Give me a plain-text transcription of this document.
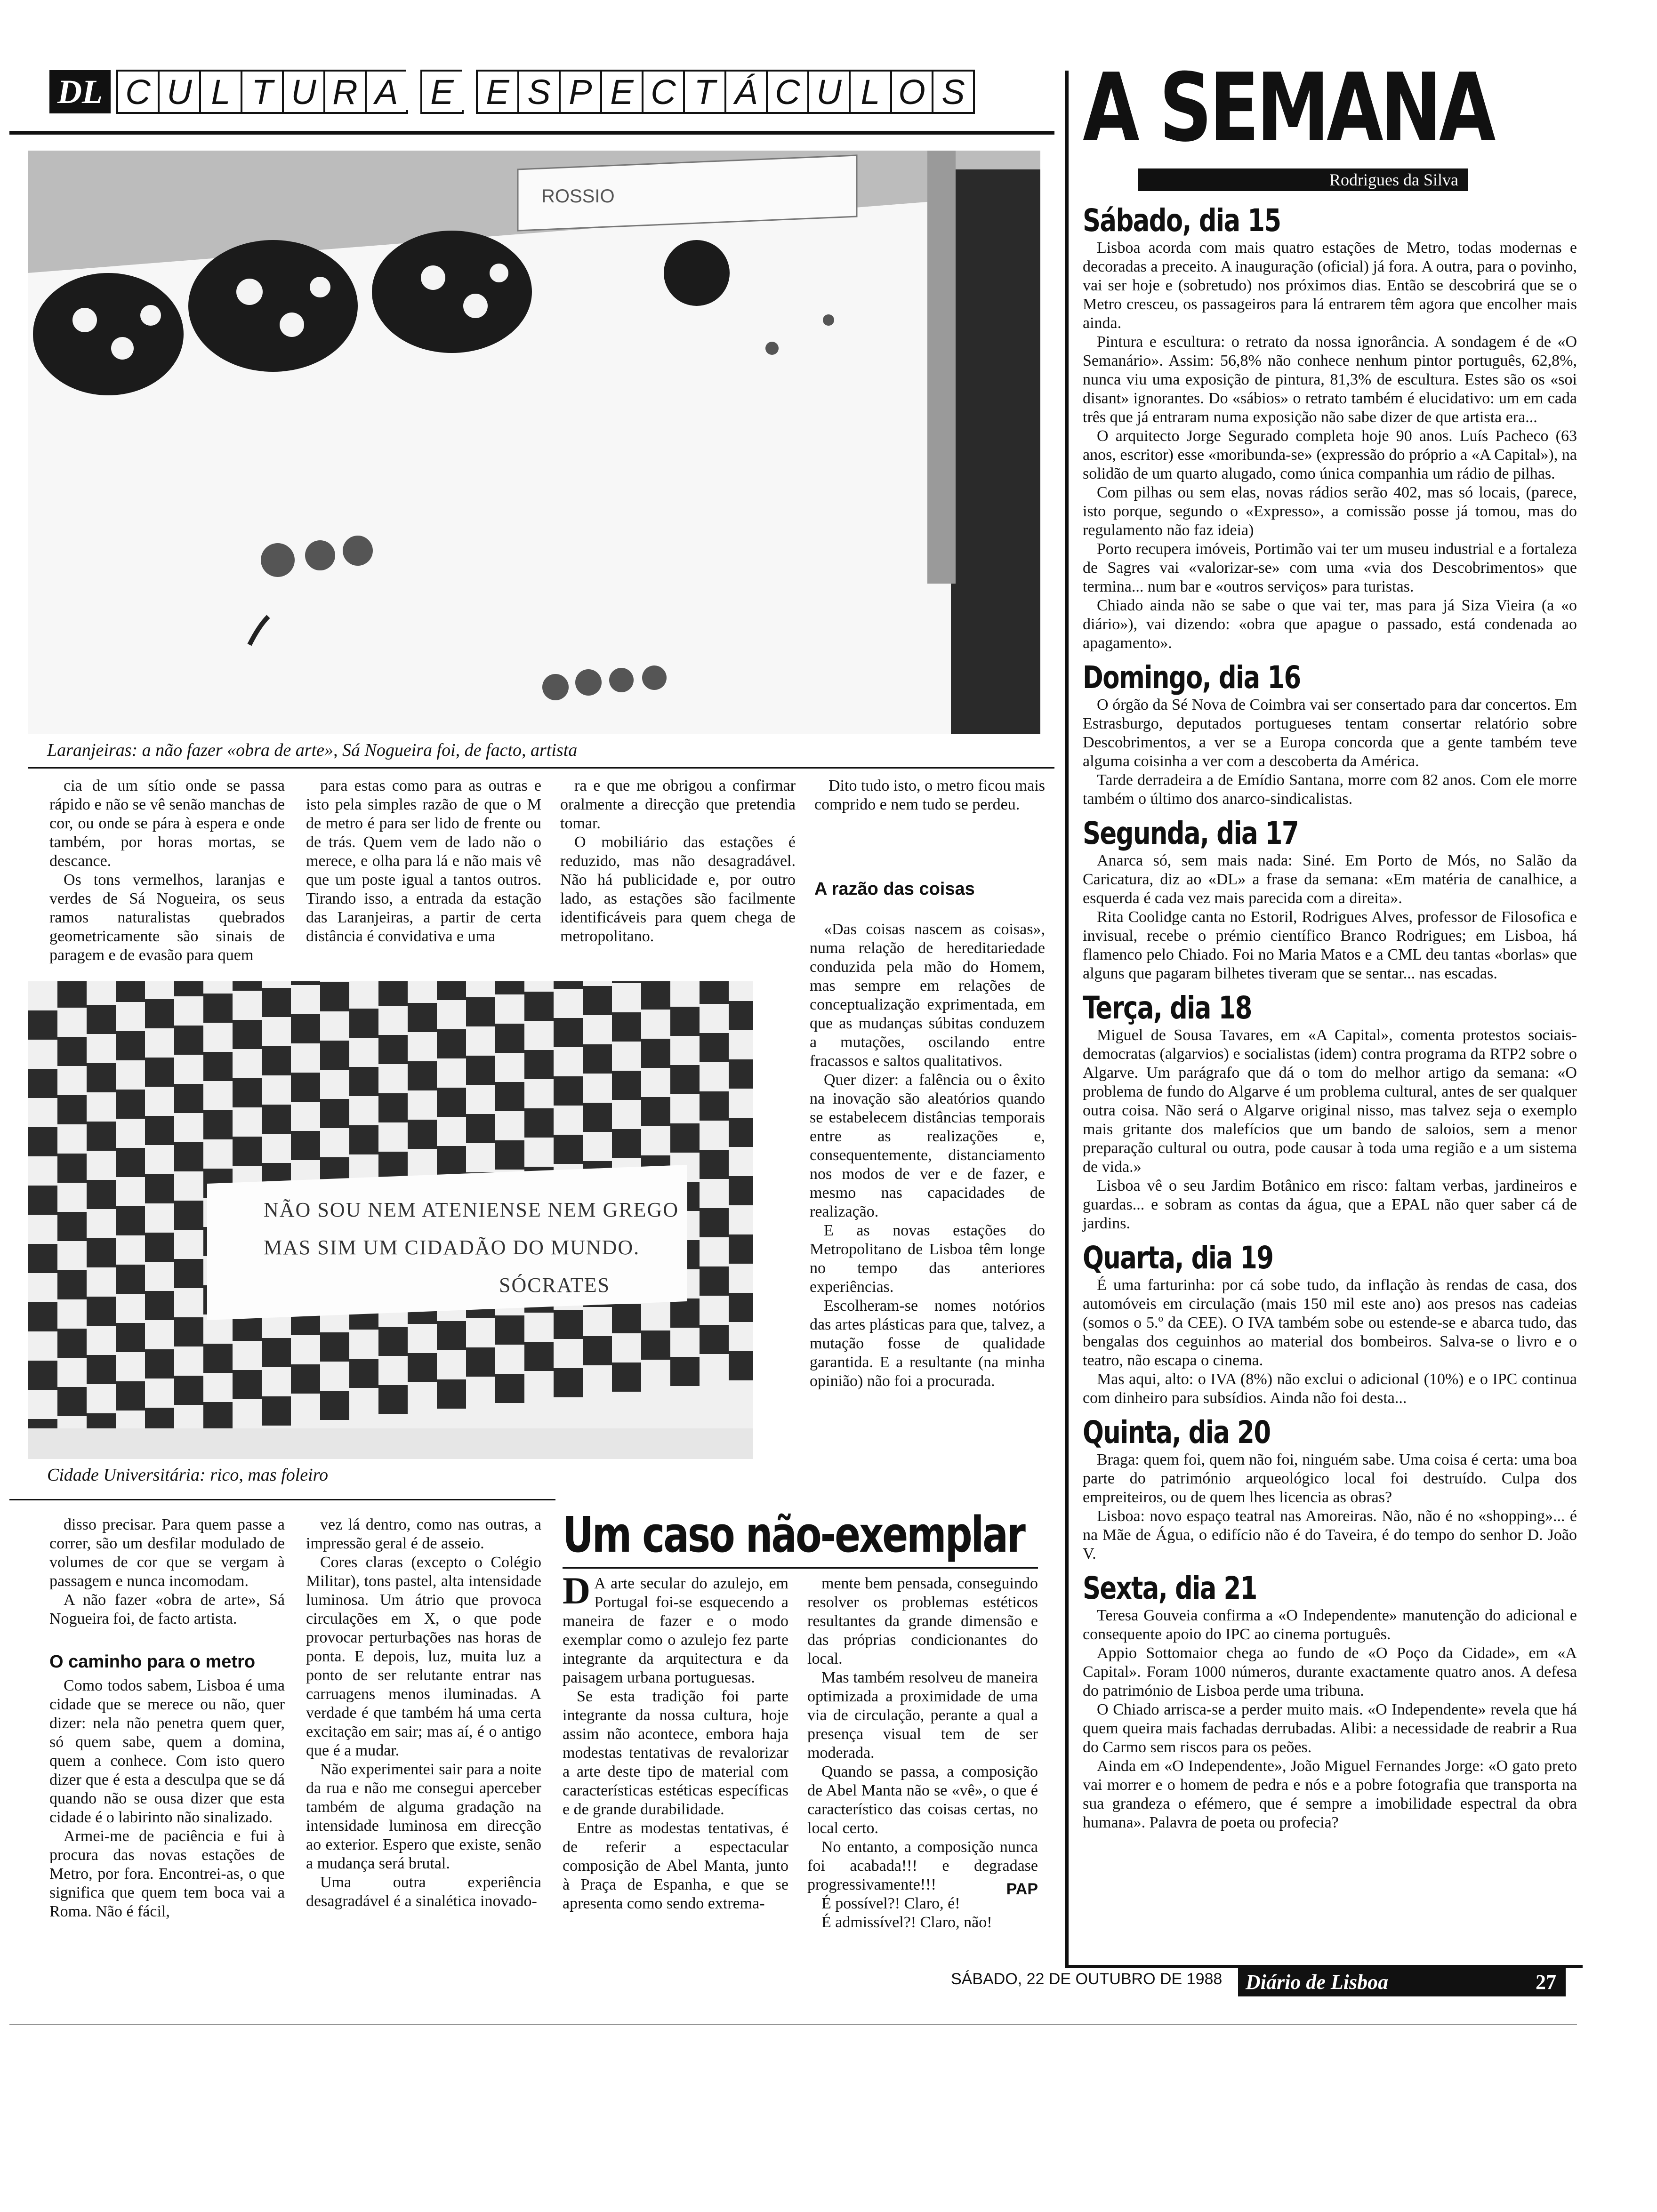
DL C U L T U R A E E S P E C T Á C U L O S
ROSSIO
Laranjeiras: a não fazer «obra de arte», Sá Nogueira foi, de facto, artista

cia de um sítio onde se passa rápido e não se vê senão manchas de cor, ou onde se pára à espera e onde também, por horas mortas, se descance.

Os tons vermelhos, laranjas e verdes de Sá Nogueira, os seus ramos naturalistas quebrados geometricamente são sinais de paragem e de evasão para quem

para estas como para as outras e isto pela simples razão de que o M de metro é para ser lido de frente ou de trás. Quem vem de lado não o merece, e olha para lá e não mais vê que um poste igual a tantos outros. Tirando isso, a entrada da estação das Laranjeiras, a partir de certa distância é convidativa e uma

ra e que me obrigou a confirmar oralmente a direcção que pretendia tomar.

O mobiliário das estações é reduzido, mas não desagradável. Não há publicidade e, por outro lado, as estações são facilmente identificáveis para quem chega de metropolitano.

Dito tudo isto, o metro ficou mais comprido e nem tudo se perdeu.

A razão das coisas

«Das coisas nascem as coisas», numa relação de hereditariedade conduzida pela mão do Homem, mas sempre em relações de conceptualização exprimentada, em que as mudanças súbitas conduzem a mutações, oscilando entre fracassos e saltos qualitativos.

Quer dizer: a falência ou o êxito na inovação são aleatórios quando se estabelecem distâncias temporais entre as realizações e, consequentemente, distanciamento nos modos de ver e de fazer, e mesmo nas capacidades de realização.

E as novas estações do Metropolitano de Lisboa têm longe no tempo das anteriores experiências.

Escolheram-se nomes notórios das artes plásticas para que, talvez, a mutação fosse de qualidade garantida. E a resultante (na minha opinião) não foi a procurada.

NÃO SOU NEM ATENIENSE NEM GREGO
MAS SIM UM CIDADÃO DO MUNDO.
SÓCRATES
Cidade Universitária: rico, mas foleiro

disso precisar. Para quem passe a correr, são um desfilar modulado de volumes de cor que se vergam à passagem e nunca incomodam.

A não fazer «obra de arte», Sá Nogueira foi, de facto artista.

O caminho para o metro

Como todos sabem, Lisboa é uma cidade que se merece ou não, quer dizer: nela não penetra quem quer, só quem sabe, quem a domina, quem a conhece. Com isto quero dizer que é esta a desculpa que se dá quando não se ousa dizer que esta cidade é o labirinto não sinalizado.

Armei-me de paciência e fui à procura das novas estações de Metro, por fora. Encontrei-as, o que significa que quem tem boca vai a Roma. Não é fácil,

vez lá dentro, como nas outras, a impressão geral é de asseio.

Cores claras (excepto o Colégio Militar), tons pastel, alta intensidade luminosa. Um átrio que provoca circulações em X, o que pode provocar perturbações nas horas de ponta. E depois, luz, muita luz a ponto de ser relutante entrar nas carruagens menos iluminadas. A verdade é que também há uma certa excitação em sair; mas aí, é o antigo que é a mudar.

Não experimentei sair para a noite da rua e não me consegui aperceber também de alguma gradação na intensidade luminosa em direcção ao exterior. Espero que existe, senão a mudança será brutal.

Uma outra experiência desagradável é a sinalética inovado-

Um caso não-exemplar
D A arte secular do azulejo, em Portugal foi-se esquecendo a maneira de fazer e o modo exemplar como o azulejo fez parte integrante da arquitectura e da paisagem urbana portuguesas.

Se esta tradição foi parte integrante da nossa cultura, hoje assim não acontece, embora haja modestas tentativas de revalorizar a arte deste tipo de material com características estéticas específicas e de grande durabilidade.

Entre as modestas tentativas, é de referir a espectacular composição de Abel Manta, junto à Praça de Espanha, e que se apresenta como sendo extrema-

mente bem pensada, conseguindo resolver os problemas estéticos resultantes da grande dimensão e das próprias condicionantes do local.

Mas também resolveu de maneira optimizada a proximidade de uma via de circulação, perante a qual a presença visual tem de ser moderada.

Quando se passa, a composição de Abel Manta não se «vê», o que é característico das coisas certas, no local certo.

No entanto, a composição nunca foi acabada!!! e degradase progressivamente!!!

É possível?! Claro, é!

É admissível?! Claro, não!

PAP
A SEMANA
Rodrigues da Silva
Sábado, dia 15

Lisboa acorda com mais quatro estações de Metro, todas modernas e decoradas a preceito. A inauguração (oficial) já fora. A outra, para o povinho, vai ser hoje e (sobretudo) nos próximos dias. Então se descobrirá que se o Metro cresceu, os passageiros para lá entrarem têm agora que encolher mais ainda.

Pintura e escultura: o retrato da nossa ignorância. A sondagem é de «O Semanário». Assim: 56,8% não conhece nenhum pintor português, 62,8%, nunca viu uma exposição de pintura, 81,3% de escultura. Estes são os «soi disant» ignorantes. Do «sábios» o retrato também é elucidativo: um em cada três que já entraram numa exposição não sabe dizer de que artista era...

O arquitecto Jorge Segurado completa hoje 90 anos. Luís Pacheco (63 anos, escritor) esse «moribunda-se» (expressão do próprio a «A Capital»), na solidão de um quarto alugado, como única companhia um rádio de pilhas.

Com pilhas ou sem elas, novas rádios serão 402, mas só locais, (parece, isto porque, segundo o «Expresso», a comissão posse já tomou, mas do regulamento não faz ideia)

Porto recupera imóveis, Portimão vai ter um museu industrial e a fortaleza de Sagres vai «valorizar-se» com uma «via dos Descobrimentos» que termina... num bar e «outros serviços» para turistas.

Chiado ainda não se sabe o que vai ter, mas para já Siza Vieira (a «o diário»), vai dizendo: «obra que apague o passado, está condenada ao apagamento».

Domingo, dia 16

O órgão da Sé Nova de Coimbra vai ser consertado para dar concertos. Em Estrasburgo, deputados portugueses tentam consertar relatório sobre Descobrimentos, a ver se a Europa concorda que a gente também teve alguma coisinha a ver com a descoberta da América.

Tarde derradeira a de Emídio Santana, morre com 82 anos. Com ele morre também o último dos anarco-sindicalistas.

Segunda, dia 17

Anarca só, sem mais nada: Siné. Em Porto de Mós, no Salão da Caricatura, diz ao «DL» a frase da semana: «Em matéria de canalhice, a esquerda é cada vez mais parecida com a direita».

Rita Coolidge canta no Estoril, Rodrigues Alves, professor de Filosofica e invisual, recebe o prémio científico Branco Rodrigues; em Lisboa, há flamenco pelo Chiado. Foi no Maria Matos e a CML deu tantas «borlas» que alguns que pagaram bilhetes tiveram que se sentar... nas escadas.

Terça, dia 18

Miguel de Sousa Tavares, em «A Capital», comenta protestos sociais-democratas (algarvios) e socialistas (idem) contra programa da RTP2 sobre o Algarve. Um parágrafo que dá o tom do melhor artigo da semana: «O problema de fundo do Algarve é um problema cultural, antes de ser qualquer outra coisa. Não será o Algarve original nisso, mas talvez seja o exemplo mais gritante dos malefícios que um bando de saloios, sem a menor preparação cultural ou outra, pode causar à toda uma região e a um sistema de vida.»

Lisboa vê o seu Jardim Botânico em risco: faltam verbas, jardineiros e guardas... e sobram as contas da água, que a EPAL não quer saber cá de jardins.

Quarta, dia 19

É uma farturinha: por cá sobe tudo, da inflação às rendas de casa, dos automóveis em circulação (mais 150 mil este ano) aos presos nas cadeias (somos o 5.º da CEE). O IVA também sobe ou estende-se e abarca tudo, das bengalas dos ceguinhos ao material dos bombeiros. Salva-se o livro e o teatro, não escapa o cinema.

Mas aqui, alto: o IVA (8%) não exclui o adicional (10%) e o IPC continua com dinheiro para subsídios. Ainda não foi desta...

Quinta, dia 20

Braga: quem foi, quem não foi, ninguém sabe. Uma coisa é certa: uma boa parte do património arqueológico local foi destruído. Culpa dos empreiteiros, ou de quem lhes licencia as obras?

Lisboa: novo espaço teatral nas Amoreiras. Não, não é no «shopping»... é na Mãe de Água, o edifício não é do Taveira, é do tempo do senhor D. João V.

Sexta, dia 21

Teresa Gouveia confirma a «O Independente» manutenção do adicional e consequente apoio do IPC ao cinema português.

Appio Sottomaior chega ao fundo de «O Poço da Cidade», em «A Capital». Foram 1000 números, durante exactamente quatro anos. A defesa do património de Lisboa perde uma tribuna.

O Chiado arrisca-se a perder muito mais. «O Independente» revela que há quem queira mais fachadas derrubadas. Alibi: a necessidade de reabrir a Rua do Carmo sem riscos para os peões.

Ainda em «O Independente», João Miguel Fernandes Jorge: «O gato preto vai morrer e o homem de pedra e nós e a pobre fotografia que transporta na sua grandeza o efémero, que é sempre a imobilidade espectral da obra humana». Palavra de poeta ou profecia?

SÁBADO, 22 DE OUTUBRO DE 1988	Diário de Lisboa	27
